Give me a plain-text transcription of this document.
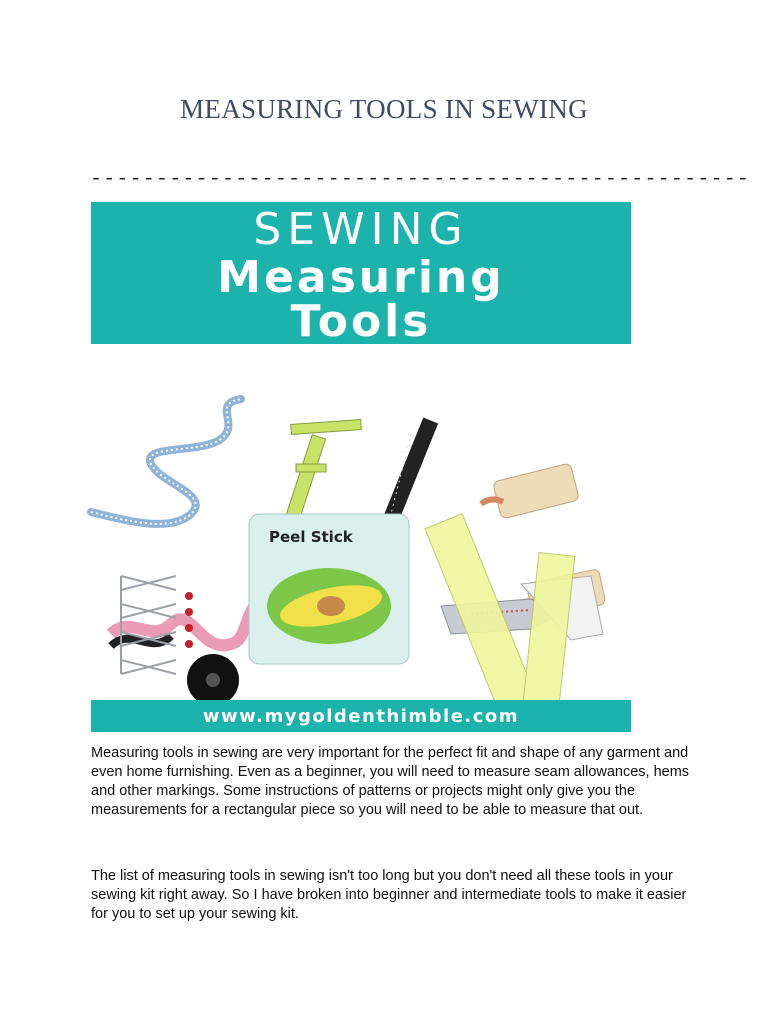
MEASURING TOOLS IN SEWING
--------------------------------------------------
SEWING
Measuring
Tools
Peel Stick
www.mygoldenthimble.com

Measuring tools in sewing are very important for the perfect fit and shape of any garment and even home furnishing. Even as a beginner, you will need to measure seam allowances, hems and other markings. Some instructions of patterns or projects might only give you the measurements for a rectangular piece so you will need to be able to measure that out.

The list of measuring tools in sewing isn't too long but you don't need all these tools in your sewing kit right away. So I have broken into beginner and intermediate tools to make it easier for you to set up your sewing kit.
